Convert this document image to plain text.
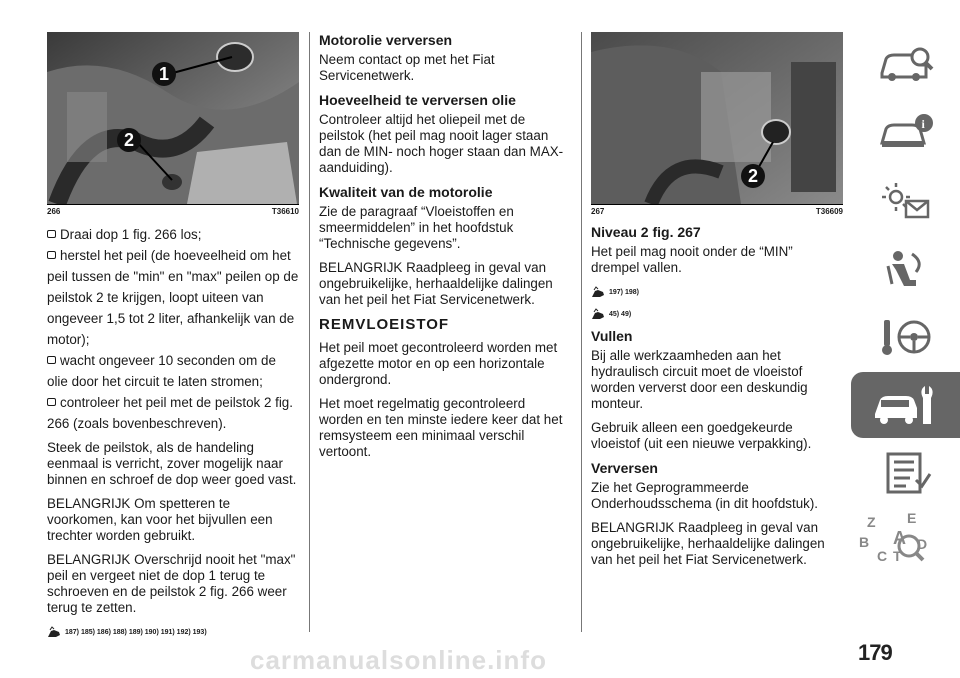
1
2
266	T36610
Draai dop 1 fig. 266 los;
herstel het peil (de hoeveelheid om het peil tussen de "min" en "max" peilen op de peilstok 2 te krijgen, loopt uiteen van ongeveer 1,5 tot 2 liter, afhankelijk van de motor);
wacht ongeveer 10 seconden om de olie door het circuit te laten stromen;
controleer het peil met de peilstok 2 fig. 266 (zoals bovenbeschreven).

Steek de peilstok, als de handeling eenmaal is verricht, zover mogelijk naar binnen en schroef de dop weer goed vast.

BELANGRIJK Om spetteren te voorkomen, kan voor het bijvullen een trechter worden gebruikt.

BELANGRIJK Overschrijd nooit het "max" peil en vergeet niet de dop 1 terug te schroeven en de peilstok 2 fig. 266 weer terug te zetten.

187) 185) 186) 188) 189) 190) 191) 192) 193)
Motorolie verversen

Neem contact op met het Fiat Servicenetwerk.

Hoeveelheid te verversen olie

Controleer altijd het oliepeil met de peilstok (het peil mag nooit lager staan dan de MIN- noch hoger staan dan MAX-aanduiding).

Kwaliteit van de motorolie

Zie de paragraaf “Vloeistoffen en smeermiddelen” in het hoofdstuk “Technische gegevens”.

BELANGRIJK Raadpleeg in geval van ongebruikelijke, herhaaldelijke dalingen van het peil het Fiat Servicenetwerk.

REMVLOEISTOF

Het peil moet gecontroleerd worden met afgezette motor en op een horizontale ondergrond.

Het moet regelmatig gecontroleerd worden en ten minste iedere keer dat het remsysteem een minimaal verschil vertoont.

2
267	T36609
Niveau 2 fig. 267

Het peil mag nooit onder de “MIN” drempel vallen.

197) 198)
45) 49)
Vullen

Bij alle werkzaamheden aan het hydraulisch circuit moet de vloeistof worden ververst door een deskundig monteur.

Gebruik alleen een goedgekeurde vloeistof (uit een nieuwe verpakking).

Verversen

Zie het Geprogrammeerde Onderhoudsschema (in dit hoofdstuk).

BELANGRIJK Raadpleeg in geval van ongebruikelijke, herhaaldelijke dalingen van het peil het Fiat Servicenetwerk.

i
Z E
A
B
C T
D
carmanualsonline.info	179
